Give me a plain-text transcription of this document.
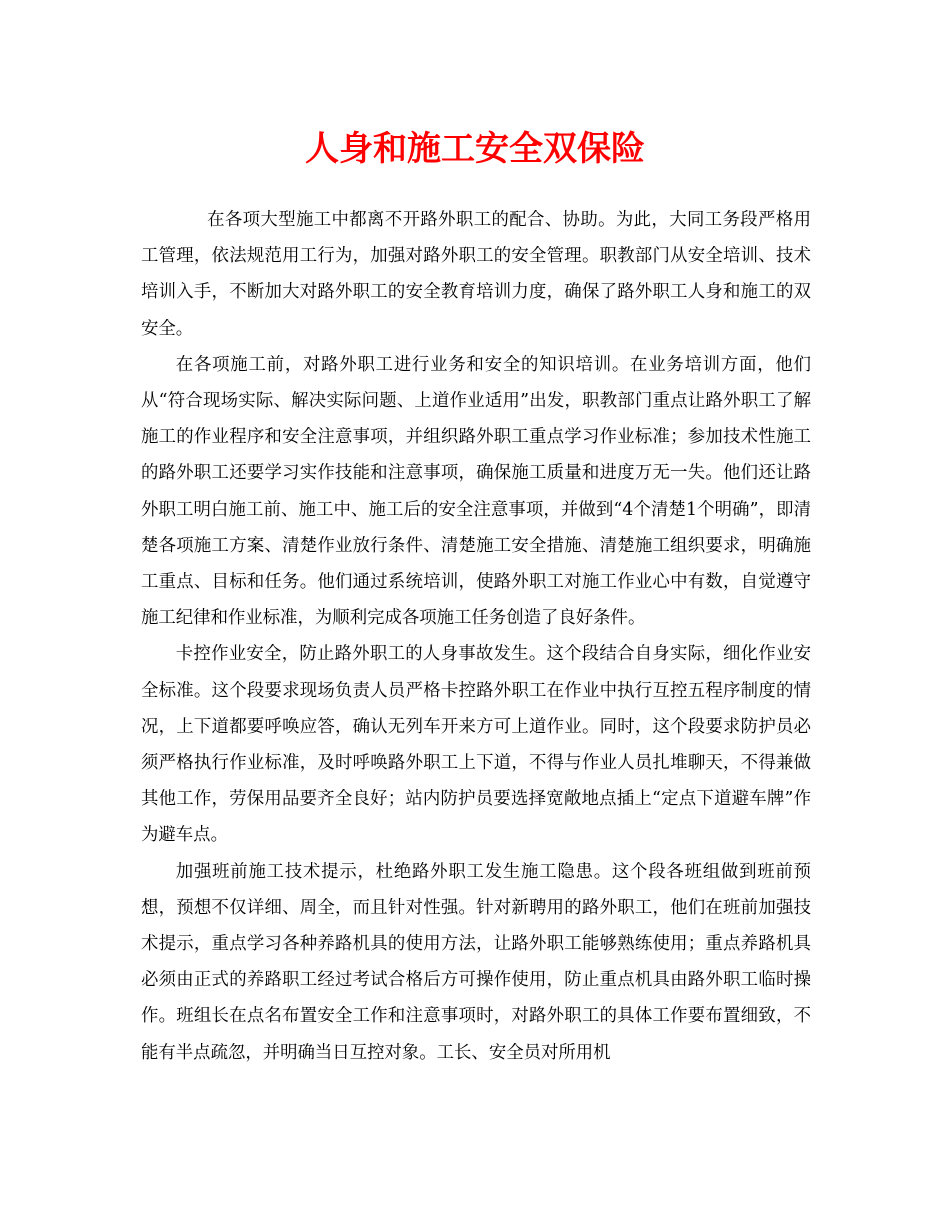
人身和施工安全双保险

在各项大型施工中都离不开路外职工的配合、协助。为此，大同工务段严格用工管理，依法规范用工行为，加强对路外职工的安全管理。职教部门从安全培训、技术培训入手，不断加大对路外职工的安全教育培训力度，确保了路外职工人身和施工的双安全。

在各项施工前，对路外职工进行业务和安全的知识培训。在业务培训方面，他们从“符合现场实际、解决实际问题、上道作业适用”出发，职教部门重点让路外职工了解施工的作业程序和安全注意事项，并组织路外职工重点学习作业标准；参加技术性施工的路外职工还要学习实作技能和注意事项，确保施工质量和进度万无一失。他们还让路外职工明白施工前、施工中、施工后的安全注意事项，并做到“4个清楚1个明确”，即清楚各项施工方案、清楚作业放行条件、清楚施工安全措施、清楚施工组织要求，明确施工重点、目标和任务。他们通过系统培训，使路外职工对施工作业心中有数，自觉遵守施工纪律和作业标准，为顺利完成各项施工任务创造了良好条件。

卡控作业安全，防止路外职工的人身事故发生。这个段结合自身实际，细化作业安全标准。这个段要求现场负责人员严格卡控路外职工在作业中执行互控五程序制度的情况，上下道都要呼唤应答，确认无列车开来方可上道作业。同时，这个段要求防护员必须严格执行作业标准，及时呼唤路外职工上下道，不得与作业人员扎堆聊天，不得兼做其他工作，劳保用品要齐全良好；站内防护员要选择宽敞地点插上“定点下道避车牌”作为避车点。

加强班前施工技术提示，杜绝路外职工发生施工隐患。这个段各班组做到班前预想，预想不仅详细、周全，而且针对性强。针对新聘用的路外职工，他们在班前加强技术提示，重点学习各种养路机具的使用方法，让路外职工能够熟练使用；重点养路机具必须由正式的养路职工经过考试合格后方可操作使用，防止重点机具由路外职工临时操作。班组长在点名布置安全工作和注意事项时，对路外职工的具体工作要布置细致，不能有半点疏忽，并明确当日互控对象。工长、安全员对所用机
